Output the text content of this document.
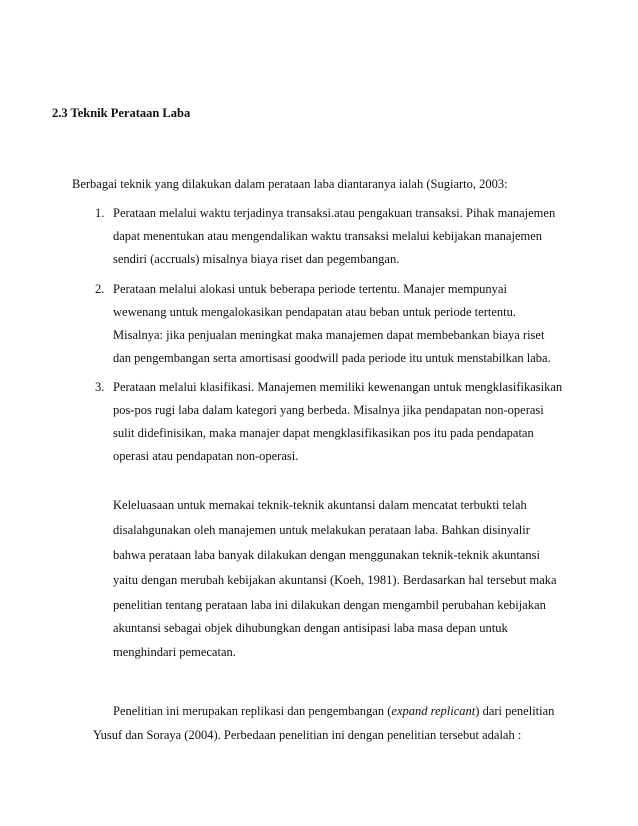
2.3 Teknik Perataan Laba
Berbagai teknik yang dilakukan dalam perataan laba diantaranya ialah (Sugiarto, 2003:
1. Perataan melalui waktu terjadinya transaksi.atau pengakuan transaksi. Pihak manajemen
dapat menentukan atau mengendalikan waktu transaksi melalui kebijakan manajemen
sendiri (accruals) misalnya biaya riset dan pegembangan.
2. Perataan melalui alokasi untuk beberapa periode tertentu. Manajer mempunyai
wewenang untuk mengalokasikan pendapatan atau beban untuk periode tertentu.
Misalnya: jika penjualan meningkat maka manajemen dapat membebankan biaya riset
dan pengembangan serta amortisasi goodwill pada periode itu untuk menstabilkan laba.
3. Perataan melalui klasifikasi. Manajemen memiliki kewenangan untuk mengklasifikasikan
pos-pos rugi laba dalam kategori yang berbeda. Misalnya jika pendapatan non-operasi
sulit didefinisikan, maka manajer dapat mengklasifikasikan pos itu pada pendapatan
operasi atau pendapatan non-operasi.
Keleluasaan untuk memakai teknik-teknik akuntansi dalam mencatat terbukti telah
disalahgunakan oleh manajemen untuk melakukan perataan laba. Bahkan disinyalir
bahwa perataan laba banyak dilakukan dengan menggunakan teknik-teknik akuntansi
yaitu dengan merubah kebijakan akuntansi (Koeh, 1981). Berdasarkan hal tersebut maka
penelitian tentang perataan laba ini dilakukan dengan mengambil perubahan kebijakan
akuntansi sebagai objek dihubungkan dengan antisipasi laba masa depan untuk
menghindari pemecatan.
Penelitian ini merupakan replikasi dan pengembangan (expand replicant) dari penelitian
Yusuf dan Soraya (2004). Perbedaan penelitian ini dengan penelitian tersebut adalah :
